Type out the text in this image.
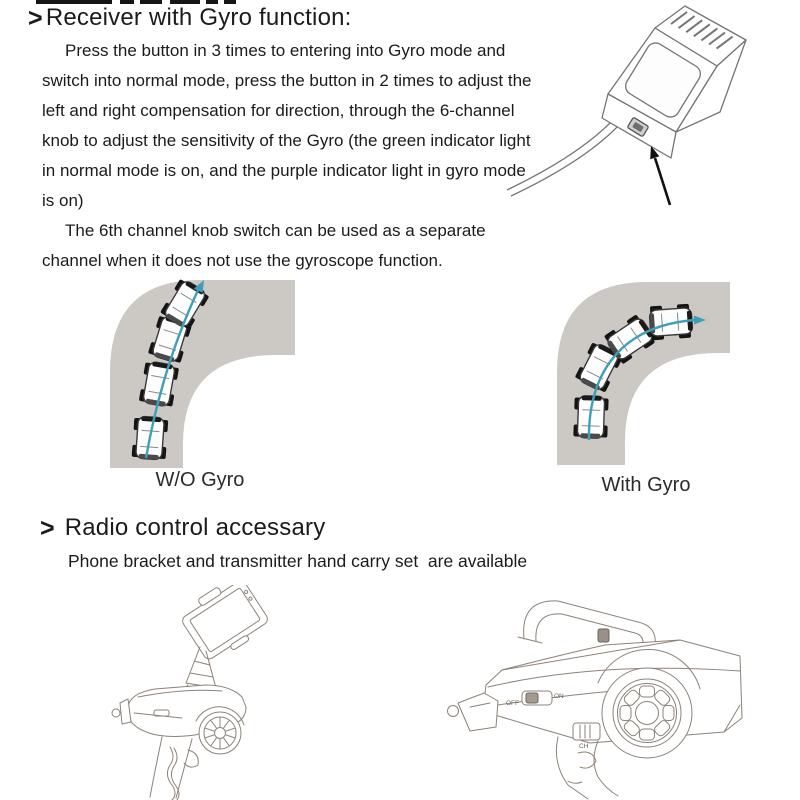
> Receiver with Gyro function:
Press the button in 3 times to entering into Gyro mode and
switch into normal mode, press the button in 2 times to adjust the
left and right compensation for direction, through the 6-channel
knob to adjust the sensitivity of the Gyro (the green indicator light
in normal mode is on, and the purple indicator light in gyro mode
is on)
The 6th channel knob switch can be used as a separate
channel when it does not use the gyroscope function.
W/O Gyro	With Gyro
> Radio control accessary
Phone bracket and transmitter hand carry set  are available
OFF
ON
CH
